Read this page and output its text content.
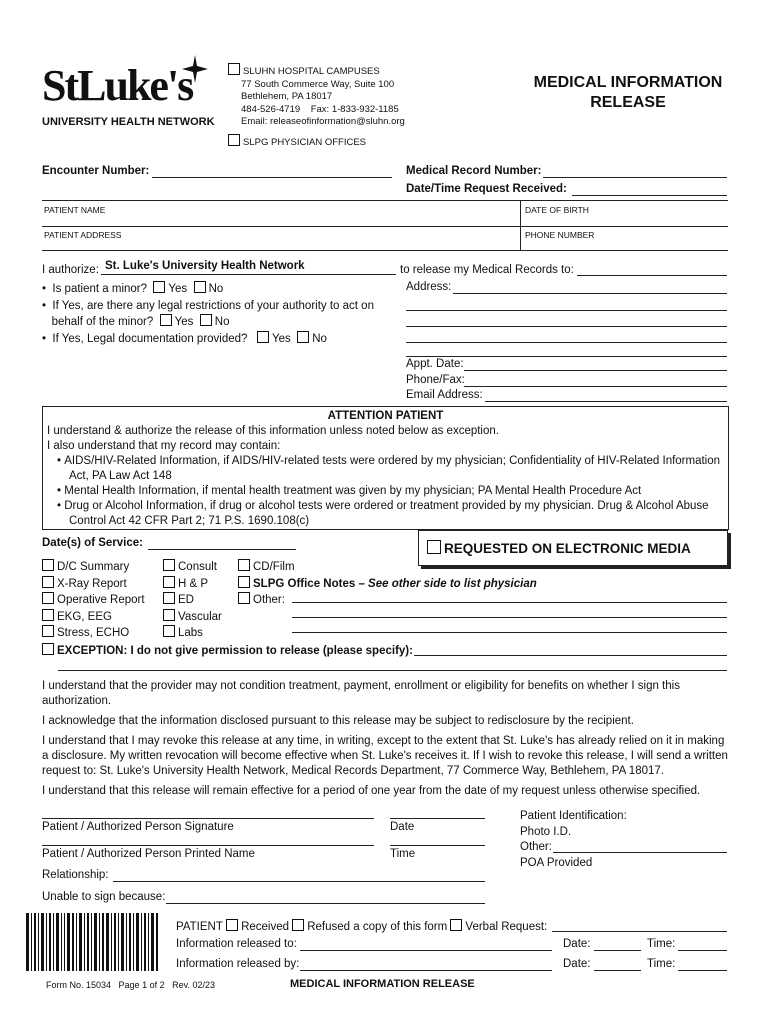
StLuke's
UNIVERSITY HEALTH NETWORK
SLUHN HOSPITAL CAMPUSES
77 South Commerce Way, Suite 100
Bethlehem, PA 18017
484-526-4719    Fax: 1-833-932-1185
Email: releaseofinformation@sluhn.org
SLPG PHYSICIAN OFFICES
MEDICAL INFORMATION
RELEASE
Encounter Number:	Medical Record Number:
Date/Time Request Received:
PATIENT NAME	DATE OF BIRTH
PATIENT ADDRESS	PHONE NUMBER
I authorize: St. Luke's University Health Network	to release my Medical Records to:
•  Is patient a minor? Yes No
•  If Yes, are there any legal restrictions of your authority to act on
behalf of the minor? Yes No
•  If Yes, Legal documentation provided? Yes No
Address:
Appt. Date:
Phone/Fax:
Email Address:
ATTENTION PATIENT
I understand & authorize the release of this information unless noted below as exception.
I also understand that my record may contain:
• AIDS/HIV-Related Information, if AIDS/HIV-related tests were ordered by my physician; Confidentiality of HIV-Related Information
Act, PA Law Act 148
• Mental Health Information, if mental health treatment was given by my physician; PA Mental Health Procedure Act
• Drug or Alcohol Information, if drug or alcohol tests were ordered or treatment provided by my physician. Drug & Alcohol Abuse
Control Act 42 CFR Part 2; 71 P.S. 1690.108(c)
Date(s) of Service:	REQUESTED ON ELECTRONIC MEDIA
D/C Summary
X-Ray Report
Operative Report
EKG, EEG
Stress, ECHO
Consult
H & P
ED
Vascular
Labs
CD/Film
SLPG Office Notes – See other side to list physician
Other:
EXCEPTION: I do not give permission to release (please specify):
I understand that the provider may not condition treatment, payment, enrollment or eligibility for benefits on whether I sign this authorization.
I acknowledge that the information disclosed pursuant to this release may be subject to redisclosure by the recipient.
I understand that I may revoke this release at any time, in writing, except to the extent that St. Luke's has already relied on it in making a disclosure. My written revocation will become effective when St. Luke's receives it. If I wish to revoke this release, I will send a written request to: St. Luke's University Health Network, Medical Records Department, 77 Commerce Way, Bethlehem, PA 18017.
I understand that this release will remain effective for a period of one year from the date of my request unless otherwise specified.
Patient / Authorized Person Signature	Date
Patient / Authorized Person Printed Name	Time
Relationship:
Unable to sign because:
Patient Identification:
Photo I.D.
Other:
POA Provided
PATIENT Received Refused a copy of this form Verbal Request:
Information released to:	Date:	Time:
Information released by:	Date:	Time:
Form No. 15034 Page 1 of 2 Rev. 02/23	MEDICAL INFORMATION RELEASE
